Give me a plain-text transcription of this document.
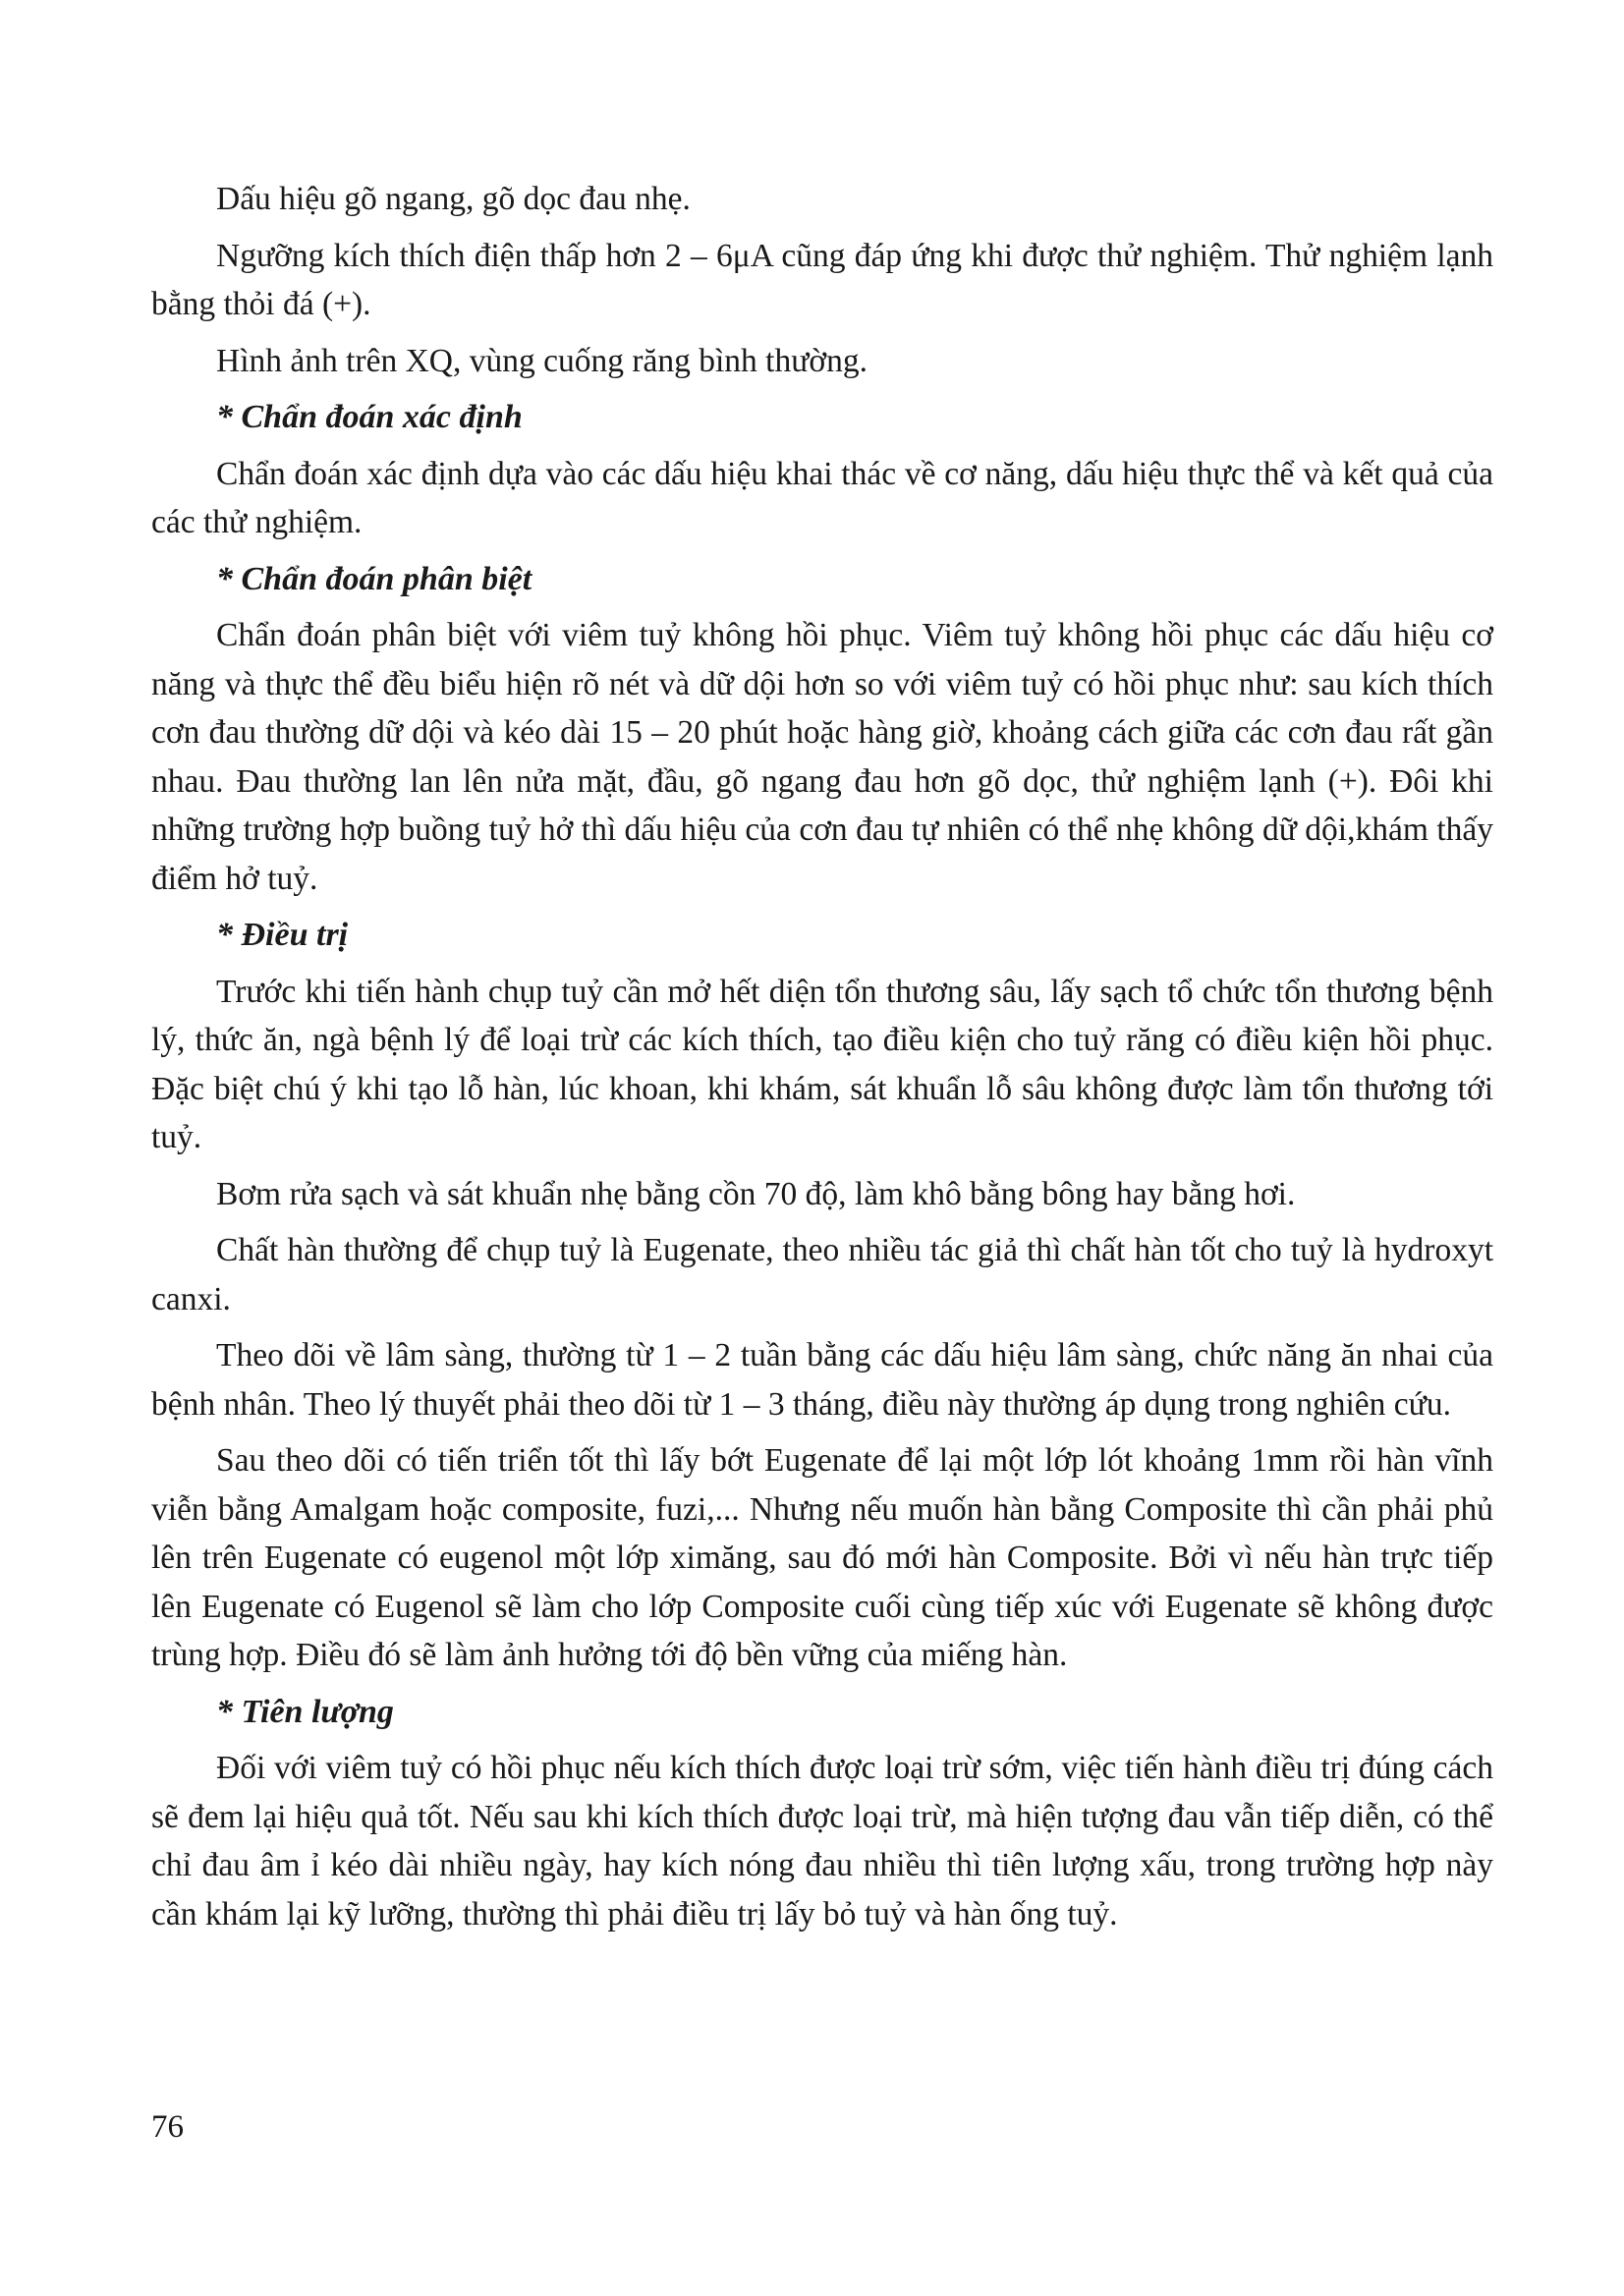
Dấu hiệu gõ ngang, gõ dọc đau nhẹ.

Ngưỡng kích thích điện thấp hơn 2 – 6μA cũng đáp ứng khi được thử nghiệm. Thử nghiệm lạnh bằng thỏi đá (+).

Hình ảnh trên XQ, vùng cuống răng bình thường.

* Chẩn đoán xác định

Chẩn đoán xác định dựa vào các dấu hiệu khai thác về cơ năng, dấu hiệu thực thể và kết quả của các thử nghiệm.

* Chẩn đoán phân biệt

Chẩn đoán phân biệt với viêm tuỷ không hồi phục. Viêm tuỷ không hồi phục các dấu hiệu cơ năng và thực thể đều biểu hiện rõ nét và dữ dội hơn so với viêm tuỷ có hồi phục như: sau kích thích cơn đau thường dữ dội và kéo dài 15 – 20 phút hoặc hàng giờ, khoảng cách giữa các cơn đau rất gần nhau. Đau thường lan lên nửa mặt, đầu, gõ ngang đau hơn gõ dọc, thử nghiệm lạnh (+). Đôi khi những trường hợp buồng tuỷ hở thì dấu hiệu của cơn đau tự nhiên có thể nhẹ không dữ dội,khám thấy điểm hở tuỷ.

* Điều trị

Trước khi tiến hành chụp tuỷ cần mở hết diện tổn thương sâu, lấy sạch tổ chức tổn thương bệnh lý, thức ăn, ngà bệnh lý để loại trừ các kích thích, tạo điều kiện cho tuỷ răng có điều kiện hồi phục. Đặc biệt chú ý khi tạo lỗ hàn, lúc khoan, khi khám, sát khuẩn lỗ sâu không được làm tổn thương tới tuỷ.

Bơm rửa sạch và sát khuẩn nhẹ bằng cồn 70 độ, làm khô bằng bông hay bằng hơi.

Chất hàn thường để chụp tuỷ là Eugenate, theo nhiều tác giả thì chất hàn tốt cho tuỷ là hydroxyt canxi.

Theo dõi về lâm sàng, thường từ 1 – 2 tuần bằng các dấu hiệu lâm sàng, chức năng ăn nhai của bệnh nhân. Theo lý thuyết phải theo dõi từ 1 – 3 tháng, điều này thường áp dụng trong nghiên cứu.

Sau theo dõi có tiến triển tốt thì lấy bớt Eugenate để lại một lớp lót khoảng 1mm rồi hàn vĩnh viễn bằng Amalgam hoặc composite, fuzi,... Nhưng nếu muốn hàn bằng Composite thì cần phải phủ lên trên Eugenate có eugenol một lớp ximăng, sau đó mới hàn Composite. Bởi vì nếu hàn trực tiếp lên Eugenate có Eugenol sẽ làm cho lớp Composite cuối cùng tiếp xúc với Eugenate sẽ không được trùng hợp. Điều đó sẽ làm ảnh hưởng tới độ bền vững của miếng hàn.

* Tiên lượng

Đối với viêm tuỷ có hồi phục nếu kích thích được loại trừ sớm, việc tiến hành điều trị đúng cách sẽ đem lại hiệu quả tốt. Nếu sau khi kích thích được loại trừ, mà hiện tượng đau vẫn tiếp diễn, có thể chỉ đau âm ỉ kéo dài nhiều ngày, hay kích nóng đau nhiều thì tiên lượng xấu, trong trường hợp này cần khám lại kỹ lưỡng, thường thì phải điều trị lấy bỏ tuỷ và hàn ống tuỷ.

76
